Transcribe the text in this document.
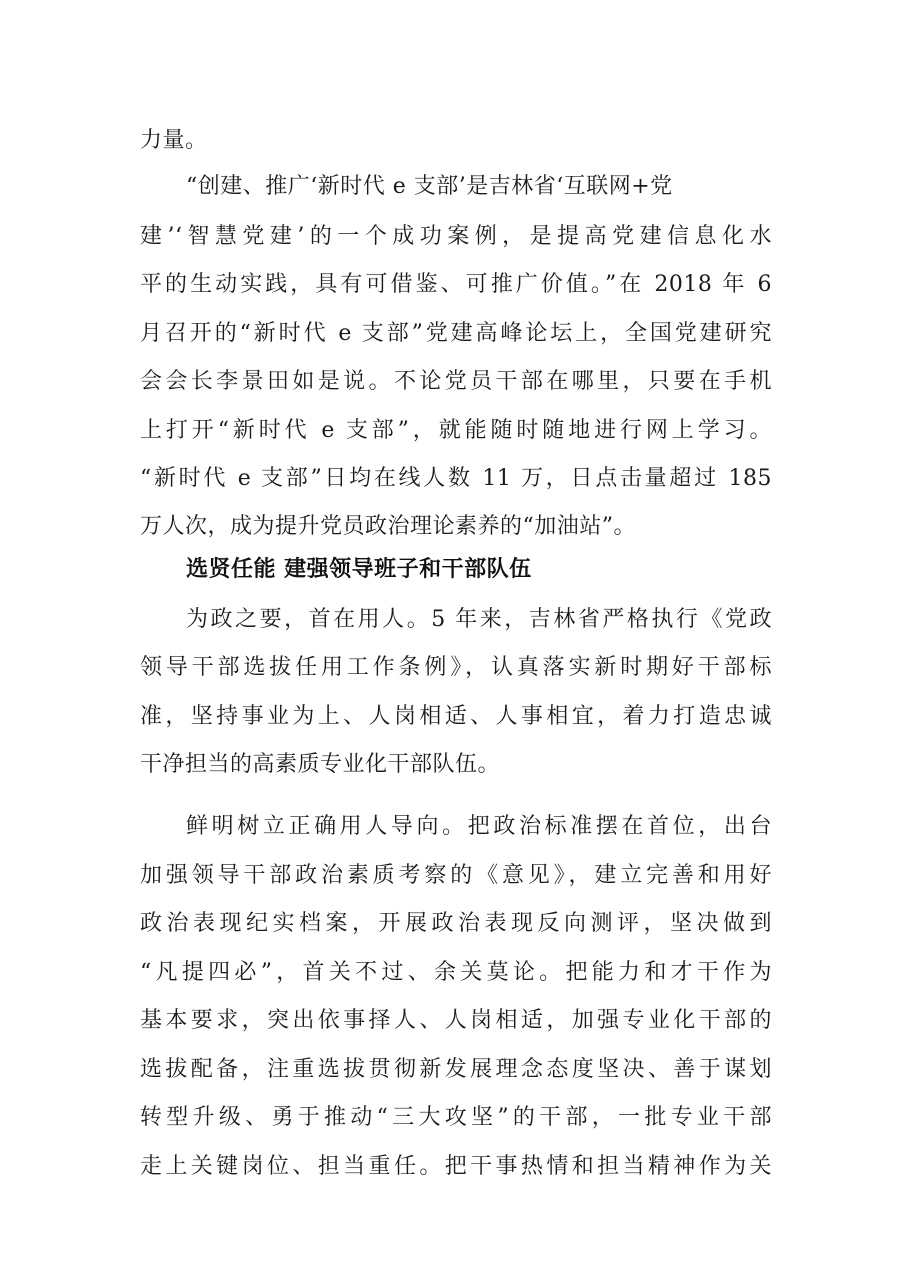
力量。
“创建、推广‘新时代 e 支部’是吉林省‘互联网+党
建’‘智慧党建’的一个成功案例，是提高党建信息化水
平的生动实践，具有可借鉴、可推广价值。”在 2018 年 6
月召开的“新时代 e 支部”党建高峰论坛上，全国党建研究
会会长李景田如是说。不论党员干部在哪里，只要在手机
上打开“新时代 e 支部”，就能随时随地进行网上学习。
“新时代 e 支部”日均在线人数 11 万，日点击量超过 185
万人次，成为提升党员政治理论素养的“加油站”。
选贤任能 建强领导班子和干部队伍
为政之要，首在用人。5 年来，吉林省严格执行《党政
领导干部选拔任用工作条例》，认真落实新时期好干部标
准，坚持事业为上、人岗相适、人事相宜，着力打造忠诚
干净担当的高素质专业化干部队伍。
鲜明树立正确用人导向。把政治标准摆在首位，出台
加强领导干部政治素质考察的《意见》，建立完善和用好
政治表现纪实档案，开展政治表现反向测评，坚决做到
“凡提四必”，首关不过、余关莫论。把能力和才干作为
基本要求，突出依事择人、人岗相适，加强专业化干部的
选拔配备，注重选拔贯彻新发展理念态度坚决、善于谋划
转型升级、勇于推动“三大攻坚”的干部，一批专业干部
走上关键岗位、担当重任。把干事热情和担当精神作为关
